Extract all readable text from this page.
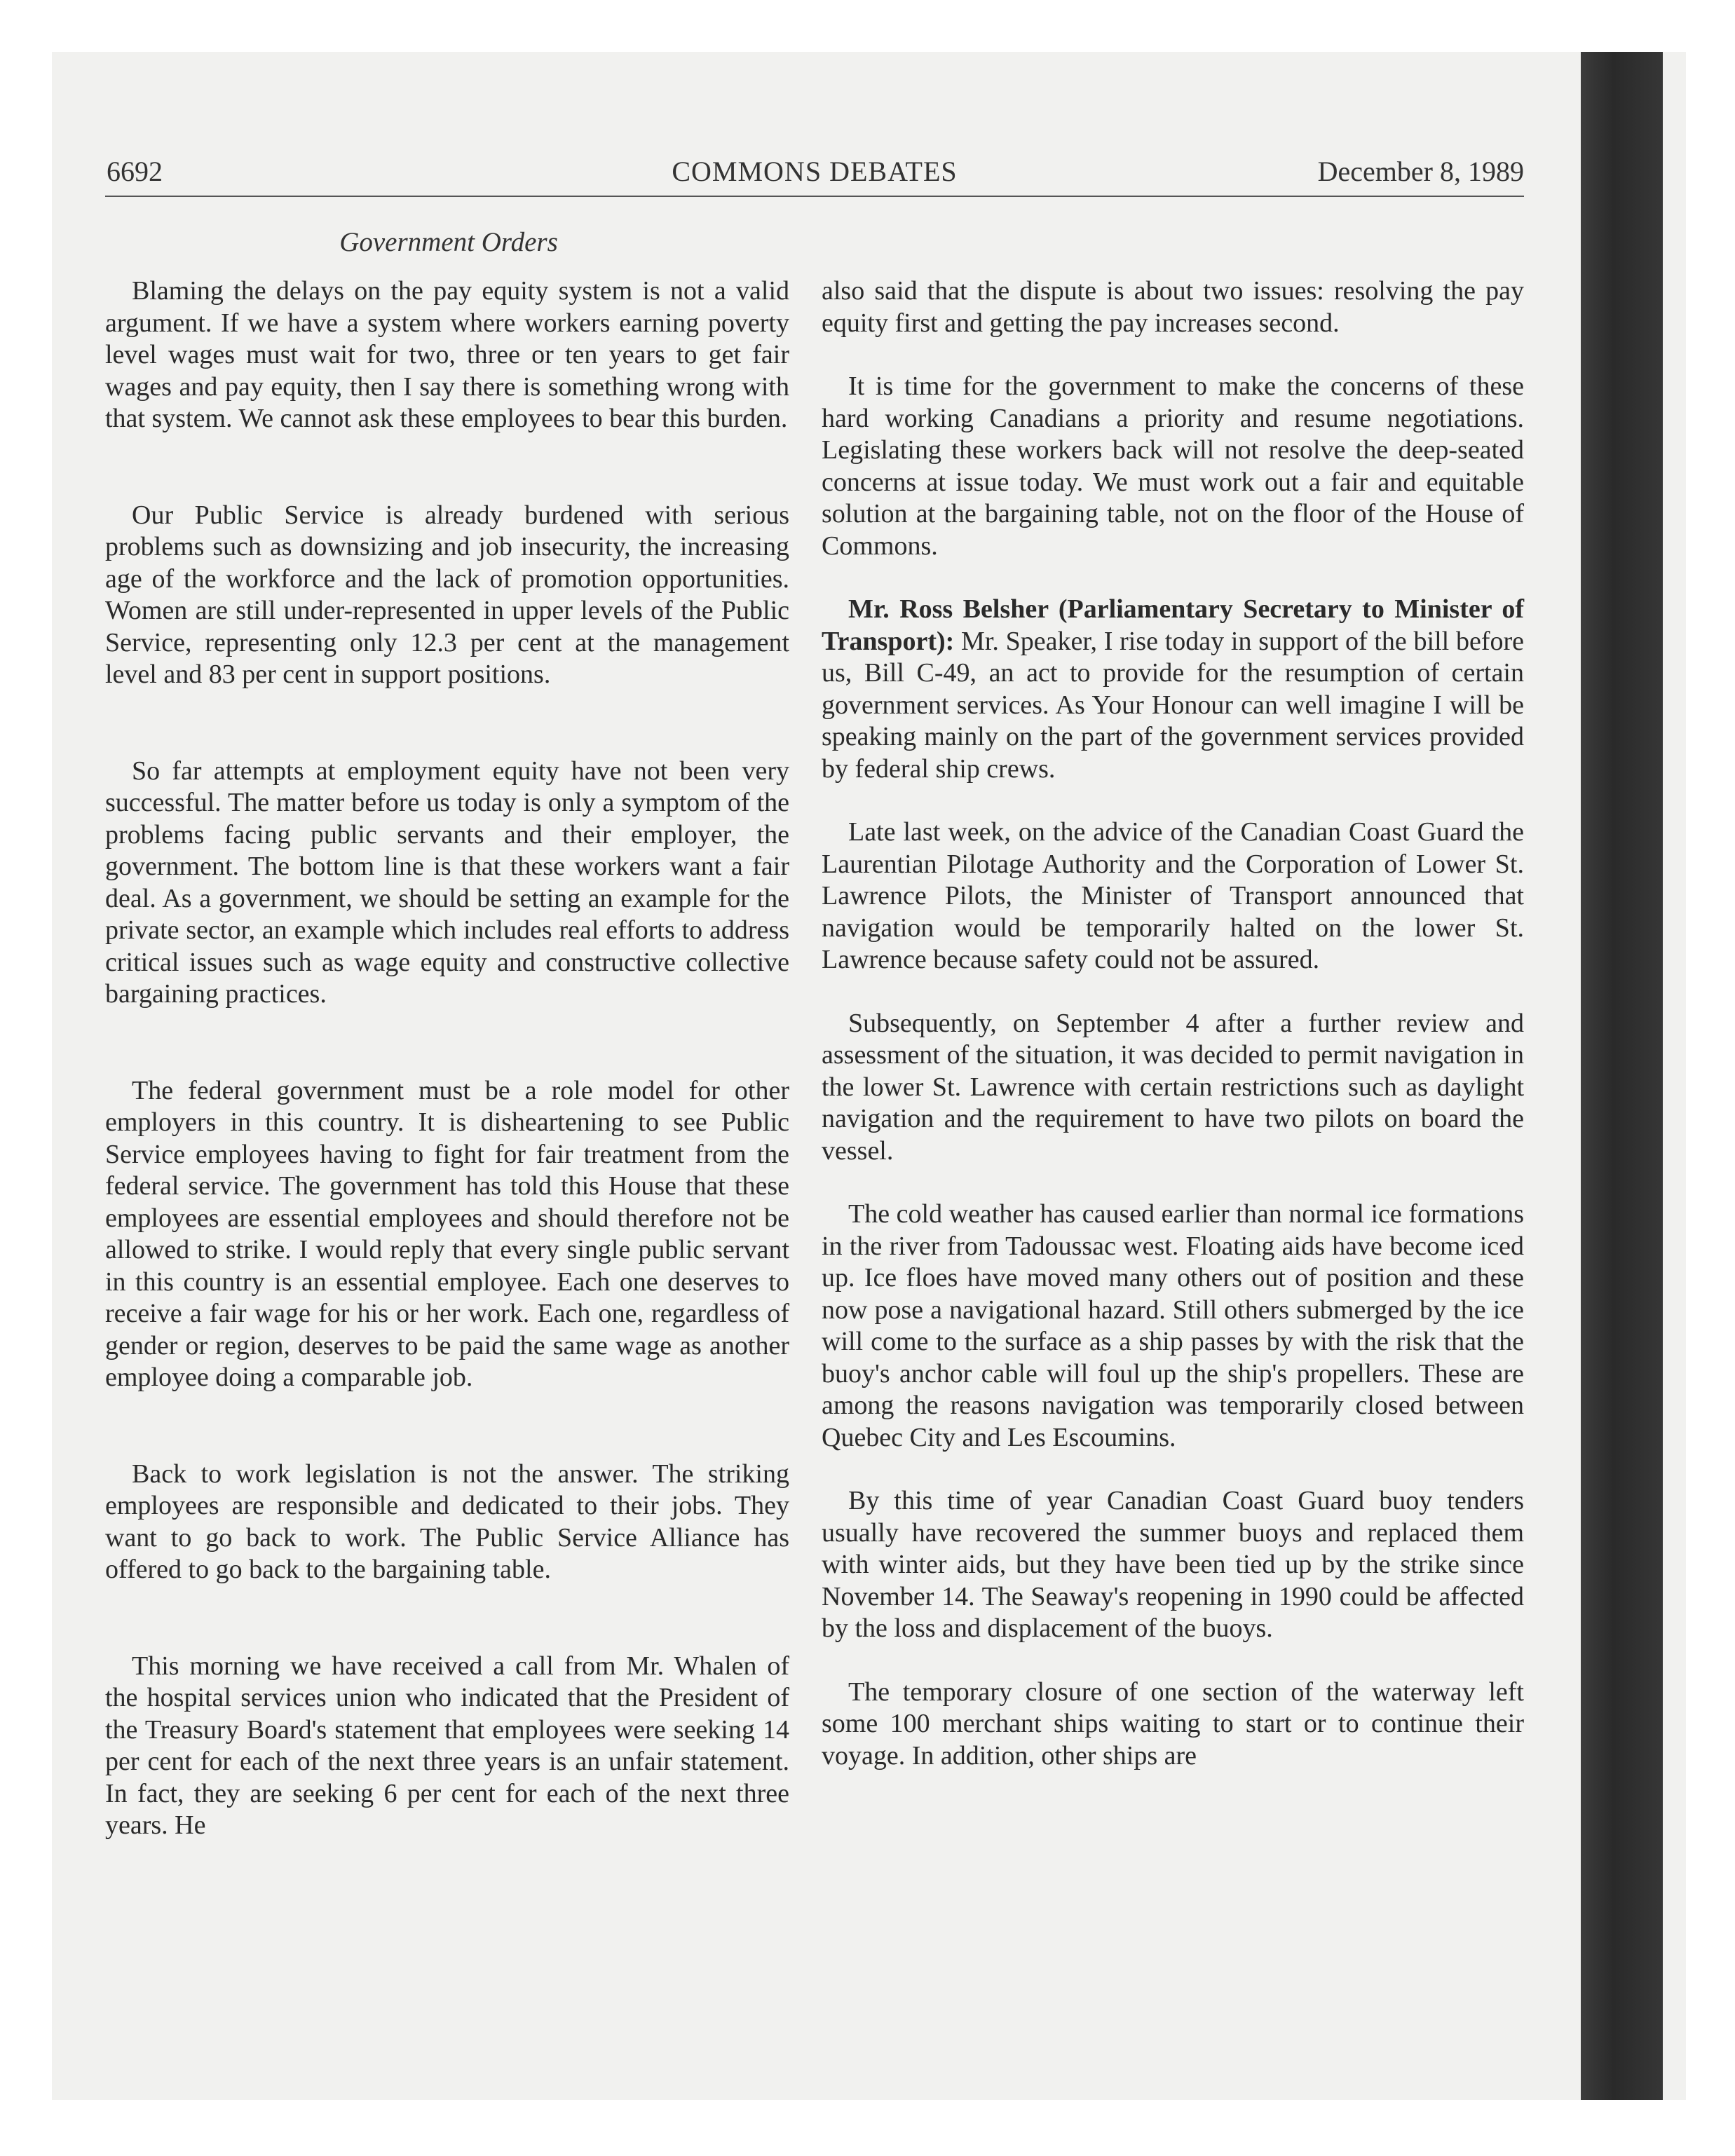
6692	COMMONS DEBATES	December 8, 1989
Government Orders

Blaming the delays on the pay equity system is not a valid argument. If we have a system where workers earning poverty level wages must wait for two, three or ten years to get fair wages and pay equity, then I say there is something wrong with that system. We cannot ask these employees to bear this burden.

Our Public Service is already burdened with serious problems such as downsizing and job insecurity, the increasing age of the workforce and the lack of promotion opportunities. Women are still under-represented in upper levels of the Public Service, representing only 12.3 per cent at the management level and 83 per cent in support positions.

So far attempts at employment equity have not been very successful. The matter before us today is only a symptom of the problems facing public servants and their employer, the government. The bottom line is that these workers want a fair deal. As a government, we should be setting an example for the private sector, an example which includes real efforts to address critical issues such as wage equity and constructive collective bargaining practices.

The federal government must be a role model for other employers in this country. It is disheartening to see Public Service employees having to fight for fair treatment from the federal service. The government has told this House that these employees are essential employees and should therefore not be allowed to strike. I would reply that every single public servant in this country is an essential employee. Each one deserves to receive a fair wage for his or her work. Each one, regardless of gender or region, deserves to be paid the same wage as another employee doing a comparable job.

Back to work legislation is not the answer. The striking employees are responsible and dedicated to their jobs. They want to go back to work. The Public Service Alliance has offered to go back to the bargaining table.

This morning we have received a call from Mr. Whalen of the hospital services union who indicated that the President of the Treasury Board's statement that employees were seeking 14 per cent for each of the next three years is an unfair statement. In fact, they are seeking 6 per cent for each of the next three years. He

also said that the dispute is about two issues: resolving the pay equity first and getting the pay increases second.

It is time for the government to make the concerns of these hard working Canadians a priority and resume negotiations. Legislating these workers back will not resolve the deep-seated concerns at issue today. We must work out a fair and equitable solution at the bargaining table, not on the floor of the House of Commons.

Mr. Ross Belsher (Parliamentary Secretary to Minister of Transport): Mr. Speaker, I rise today in support of the bill before us, Bill C-49, an act to provide for the resumption of certain government services. As Your Honour can well imagine I will be speaking mainly on the part of the government services provided by federal ship crews.

Late last week, on the advice of the Canadian Coast Guard the Laurentian Pilotage Authority and the Corporation of Lower St. Lawrence Pilots, the Minister of Transport announced that navigation would be temporarily halted on the lower St. Lawrence because safety could not be assured.

Subsequently, on September 4 after a further review and assessment of the situation, it was decided to permit navigation in the lower St. Lawrence with certain restrictions such as daylight navigation and the requirement to have two pilots on board the vessel.

The cold weather has caused earlier than normal ice formations in the river from Tadoussac west. Floating aids have become iced up. Ice floes have moved many others out of position and these now pose a navigational hazard. Still others submerged by the ice will come to the surface as a ship passes by with the risk that the buoy's anchor cable will foul up the ship's propellers. These are among the reasons navigation was temporarily closed between Quebec City and Les Escoumins.

By this time of year Canadian Coast Guard buoy tenders usually have recovered the summer buoys and replaced them with winter aids, but they have been tied up by the strike since November 14. The Seaway's reopening in 1990 could be affected by the loss and displacement of the buoys.

The temporary closure of one section of the waterway left some 100 merchant ships waiting to start or to continue their voyage. In addition, other ships are
